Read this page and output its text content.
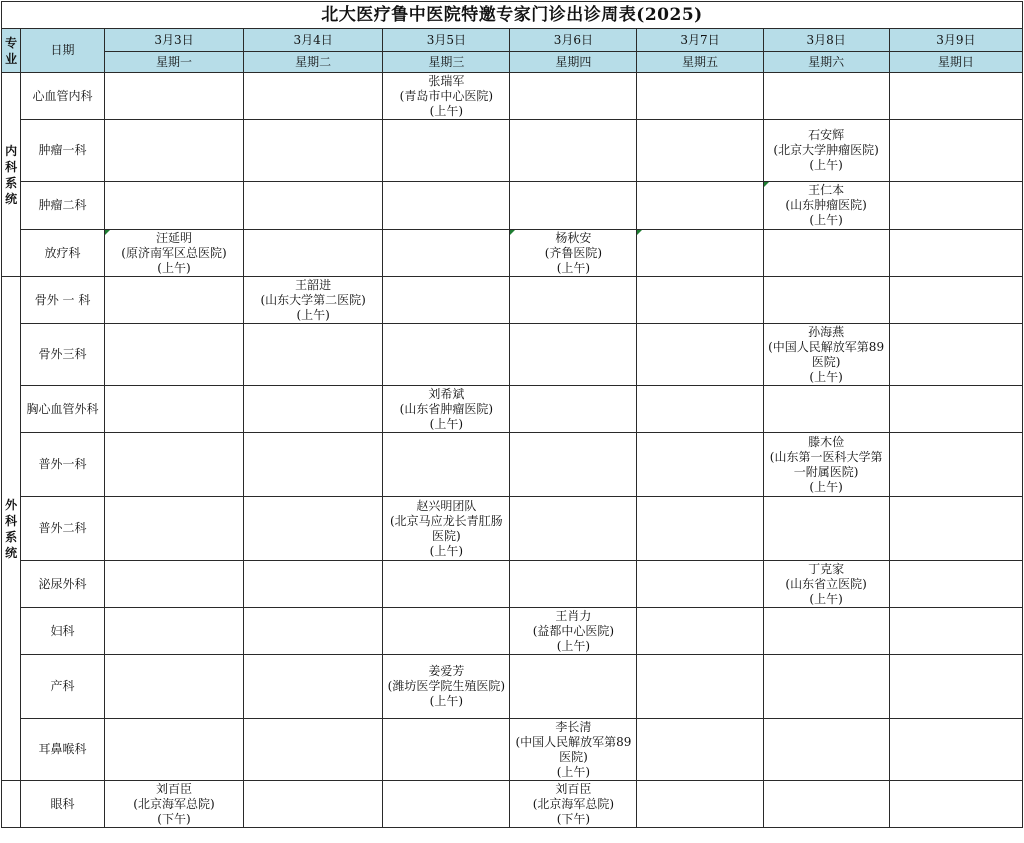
北大医疗鲁中医院特邀专家门诊出诊周表(2025)								

专业	日期	3月3日	3月4日	3月5日	3月6日	3月7日	3月8日	3月9日
		星期一	星期二	星期三	星期四	星期五	星期六	星期日

内科系统	心血管内科			张瑞军
(青岛市中心医院)
(上午)				

	肿瘤一科						石安辉
(北京大学肿瘤医院)
(上午)	

	肿瘤二科						王仁本
(山东肿瘤医院)
(上午)	

	放疗科	汪延明
(原济南军区总医院)
(上午)			杨秋安
(齐鲁医院)
(上午)			

外科系统	骨外 一 科		王韶进
(山东大学第二医院)
(上午)					

	骨外三科						孙海燕
(中国人民解放军第89医院)
(上午)	

	胸心血管外科			刘希斌
(山东省肿瘤医院)
(上午)				

	普外一科						滕木俭
(山东第一医科大学第一附属医院)
(上午)	

	普外二科			赵兴明团队
(北京马应龙长青肛肠医院)
(上午)				

	泌尿外科						丁克家
(山东省立医院)
(上午)	

	妇科				王肖力
(益都中心医院)
(上午)			

	产科			姜爱芳
(潍坊医学院生殖医院)
(上午)				

	耳鼻喉科				李长清
(中国人民解放军第89医院)
(上午)			

	眼科	刘百臣
(北京海军总院)
(下午)			刘百臣
(北京海军总院)
(下午)			
